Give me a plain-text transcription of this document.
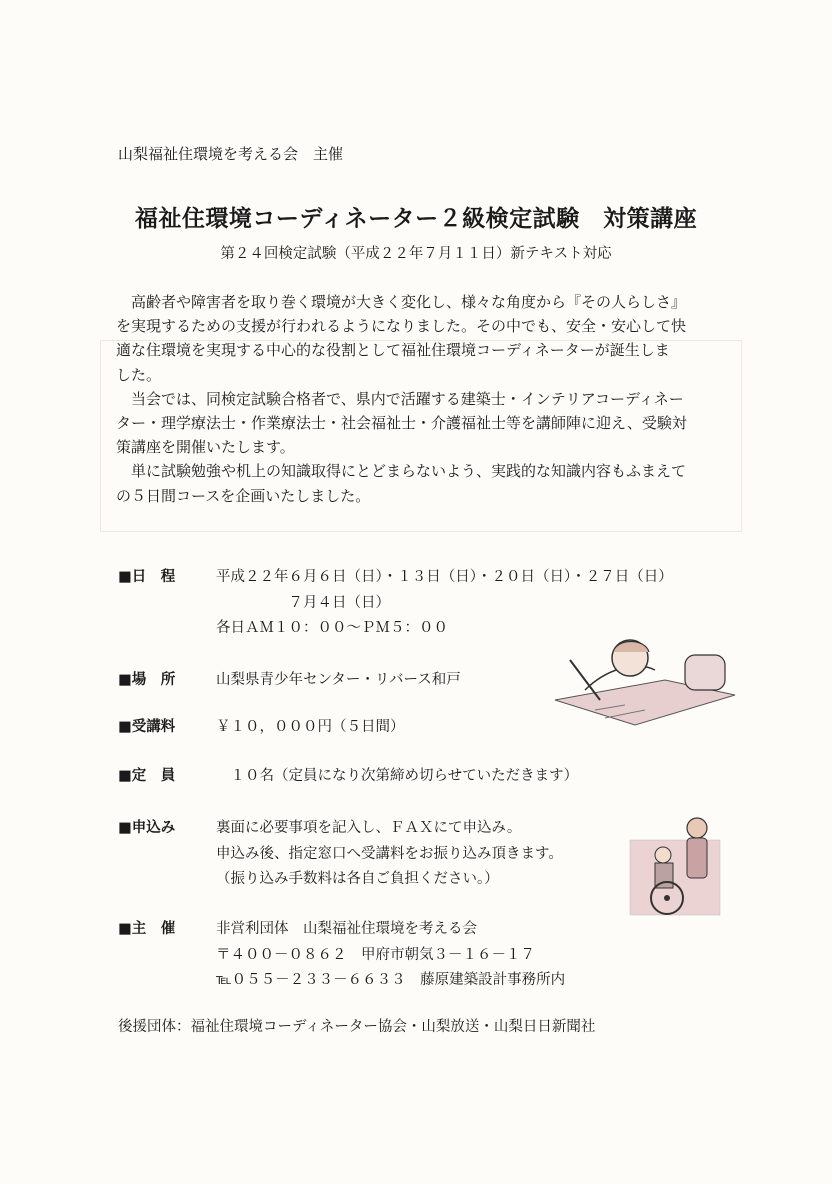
山梨福祉住環境を考える会　主催
福祉住環境コーディネーター２級検定試験　対策講座
第２４回検定試験（平成２２年７月１１日）新テキスト対応

高齢者や障害者を取り巻く環境が大きく変化し、様々な角度から『その人らしさ』
を実現するための支援が行われるようになりました。その中でも、安全・安心して快
適な住環境を実現する中心的な役割として福祉住環境コーディネーターが誕生しま
した。

当会では、同検定試験合格者で、県内で活躍する建築士・インテリアコーディネー
ター・理学療法士・作業療法士・社会福祉士・介護福祉士等を講師陣に迎え、受験対
策講座を開催いたします。

単に試験勉強や机上の知識取得にとどまらないよう、実践的な知識内容もふまえて
の５日間コースを企画いたしました。

■日　程	平成２２年６月６日（日）・１３日（日）・２０日（日）・２７日（日）
　　　　　７月４日（日）
各日ＡＭ１０：００～ＰＭ５：００
■場　所	山梨県青少年センター・リバース和戸
■受講料	￥１０，０００円（５日間）
■定　員	　１０名（定員になり次第締め切らせていただきます）
■申込み	裏面に必要事項を記入し、ＦＡＸにて申込み。
申込み後、指定窓口へ受講料をお振り込み頂きます。
（振り込み手数料は各自ご負担ください。）
■主　催	非営利団体　山梨福祉住環境を考える会
〒４００－０８６２　甲府市朝気３－１６－１７
℡０５５－２３３－６６３３　藤原建築設計事務所内
後援団体：福祉住環境コーディネーター協会・山梨放送・山梨日日新聞社
